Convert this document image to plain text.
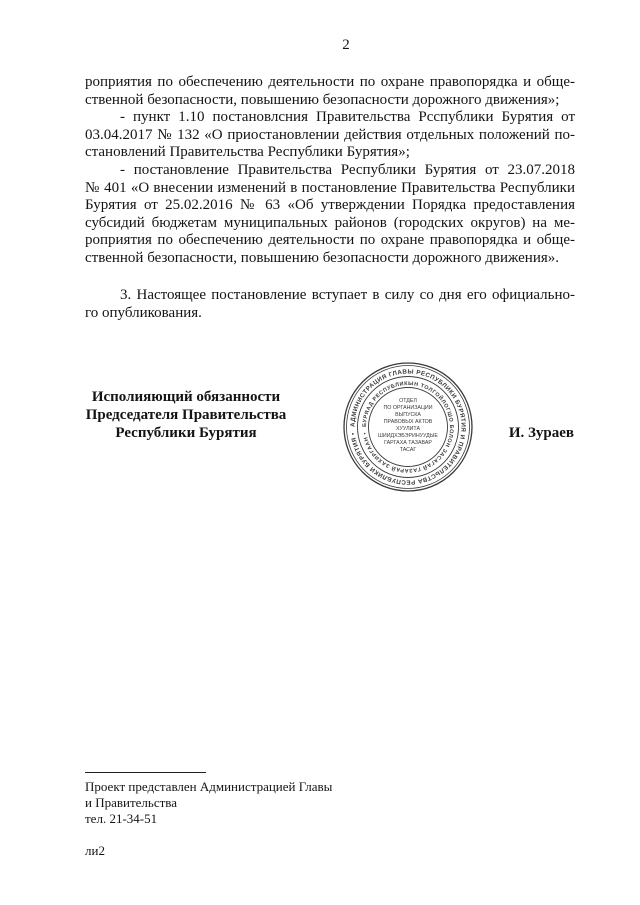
2
роприятия по обеспечению деятельности по охране правопорядка и обще-
ственной безопасности, повышению безопасности дорожного движения»;
- пункт 1.10 постановлсния Правительства Рсспублики Бурятия от
03.04.2017 № 132 «О приостановлении действия отдельных положений по-
становлений Правительства Республики Бурятия»;
- постановление Правительства Республики Бурятия от 23.07.2018
№ 401 «О внесении изменений в постановление Правительства Республики
Бурятия от 25.02.2016 № 63 «Об утверждении Порядка предоставления
субсидий бюджетам муниципальных районов (городских округов) на ме-
роприятия по обеспечению деятельности по охране правопорядка и обще-
ственной безопасности, повышению безопасности дорожного движения».
3. Настоящее постановление вступает в силу со дня его официально-
го опубликования.
Исполияющий обязанности
Председателя Правительства
Республики Бурятия
АДМИНИСТРАЦИЯ ГЛАВЫ РЕСПУБЛИКИ БУРЯТИЯ И ПРАВИТЕЛЬСТВА РЕСПУБЛИКИ БУРЯТИЯ •
БУРЯАД РЕСПУБЛИКЫН ТОЛГОЙЛОГШО БОЛОН ЗАСАГАЙ ГАЗАРАЙ ЗАХИРГААН •
ОТДЕЛ
ПО ОРГАНИЗАЦИИ
ВЫПУСКА
ПРАВОВЫХ АКТОВ
ХУУЛИТА
ШИИДХЭБЭРИНУУДЫЕ
ГАРГАХА ТАЗАВАР
ТАСАГ
И. Зураев
Проект представлен Администрацией Главы
и Правительства
тел. 21-34-51
ли2
